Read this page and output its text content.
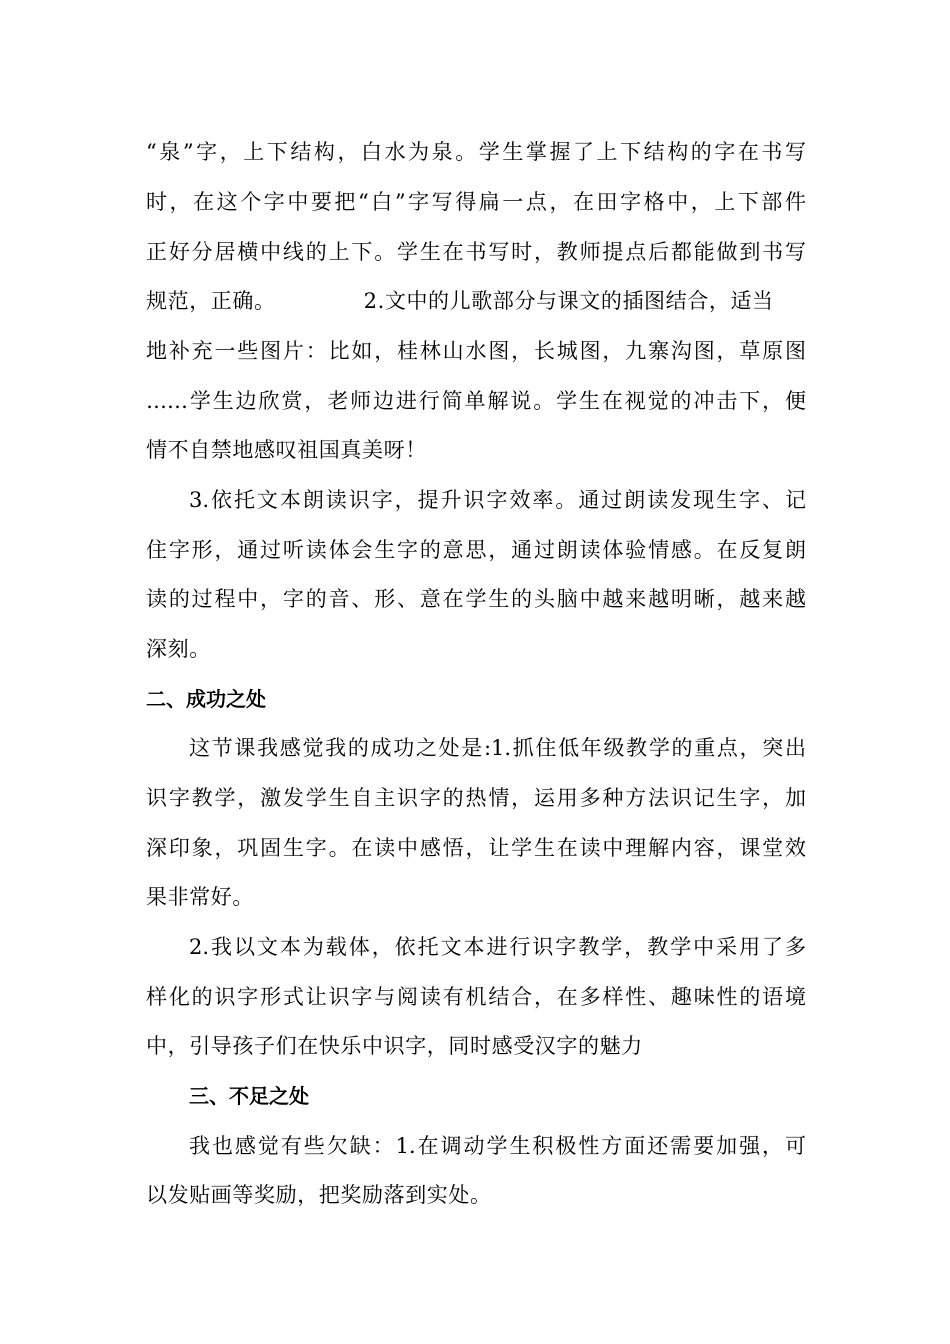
“泉”字，上下结构，白水为泉。学生掌握了上下结构的字在书写
时，在这个字中要把“白”字写得扁一点，在田字格中，上下部件
正好分居横中线的上下。学生在书写时，教师提点后都能做到书写
规范，正确。	2.文中的儿歌部分与课文的插图结合，适当
地补充一些图片：比如，桂林山水图，长城图，九寨沟图，草原图
……学生边欣赏，老师边进行简单解说。学生在视觉的冲击下，便
情不自禁地感叹祖国真美呀！
3.依托文本朗读识字，提升识字效率。通过朗读发现生字、记
住字形，通过听读体会生字的意思，通过朗读体验情感。在反复朗
读的过程中，字的音、形、意在学生的头脑中越来越明晰，越来越
深刻。
二、成功之处
这节课我感觉我的成功之处是:1.抓住低年级教学的重点，突出
识字教学，激发学生自主识字的热情，运用多种方法识记生字，加
深印象，巩固生字。在读中感悟，让学生在读中理解内容，课堂效
果非常好。
2.我以文本为载体，依托文本进行识字教学，教学中采用了多
样化的识字形式让识字与阅读有机结合，在多样性、趣味性的语境
中，引导孩子们在快乐中识字，同时感受汉字的魅力
三、不足之处
我也感觉有些欠缺：1.在调动学生积极性方面还需要加强，可
以发贴画等奖励，把奖励落到实处。
